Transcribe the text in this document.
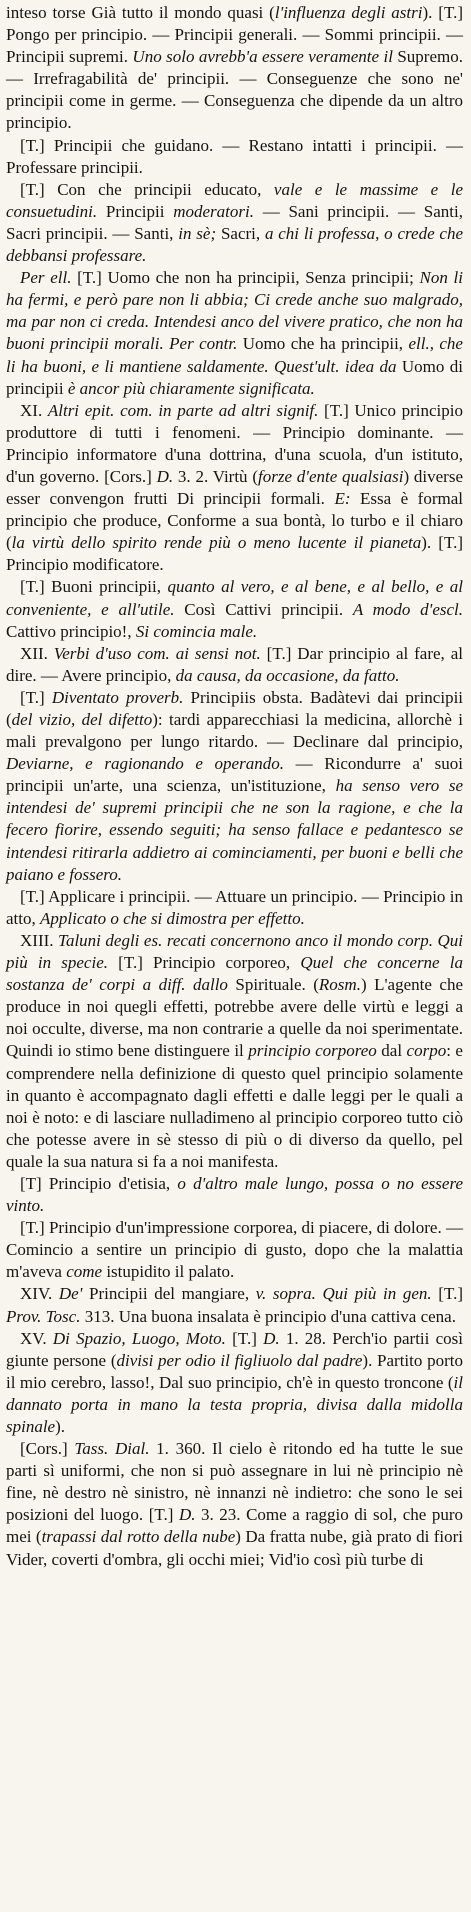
inteso torse Già tutto il mondo quasi (l'influenza degli astri). [T.] Pongo per principio. — Principii generali. — Sommi principii. — Principii supremi. Uno solo avrebb'a essere veramente il Supremo. — Irrefragabilità de' principii. — Conseguenze che sono ne' principii come in germe. — Conseguenza che dipende da un altro principio.

[T.] Principii che guidano. — Restano intatti i principii. — Professare principii.

[T.] Con che principii educato, vale e le massime e le consuetudini. Principii moderatori. — Sani principii. — Santi, Sacri principii. — Santi, in sè; Sacri, a chi li professa, o crede che debbansi professare.

Per ell. [T.] Uomo che non ha principii, Senza principii; Non li ha fermi, e però pare non li abbia; Ci crede anche suo malgrado, ma par non ci creda. Intendesi anco del vivere pratico, che non ha buoni principii morali. Per contr. Uomo che ha principii, ell., che li ha buoni, e li mantiene saldamente. Quest'ult. idea da Uomo di principii è ancor più chiaramente significata.

XI. Altri epit. com. in parte ad altri signif. [T.] Unico principio produttore di tutti i fenomeni. — Principio dominante. — Principio informatore d'una dottrina, d'una scuola, d'un istituto, d'un governo. [Cors.] D. 3. 2. Virtù (forze d'ente qualsiasi) diverse esser convengon frutti Di principii formali. E: Essa è formal principio che produce, Conforme a sua bontà, lo turbo e il chiaro (la virtù dello spirito rende più o meno lucente il pianeta). [T.] Principio modificatore.

[T.] Buoni principii, quanto al vero, e al bene, e al bello, e al conveniente, e all'utile. Così Cattivi principii. A modo d'escl. Cattivo principio!, Si comincia male.

XII. Verbi d'uso com. ai sensi not. [T.] Dar principio al fare, al dire. — Avere principio, da causa, da occasione, da fatto.

[T.] Diventato proverb. Principiis obsta. Badàtevi dai principii (del vizio, del difetto): tardi apparecchiasi la medicina, allorchè i mali prevalgono per lungo ritardo. — Declinare dal principio, Deviarne, e ragionando e operando. — Ricondurre a' suoi principii un'arte, una scienza, un'istituzione, ha senso vero se intendesi de' supremi principii che ne son la ragione, e che la fecero fiorire, essendo seguiti; ha senso fallace e pedantesco se intendesi ritirarla addietro ai cominciamenti, per buoni e belli che paiano e fossero.

[T.] Applicare i principii. — Attuare un principio. — Principio in atto, Applicato o che si dimostra per effetto.

XIII. Taluni degli es. recati concernono anco il mondo corp. Qui più in specie. [T.] Principio corporeo, Quel che concerne la sostanza de' corpi a diff. dallo Spirituale. (Rosm.) L'agente che produce in noi quegli effetti, potrebbe avere delle virtù e leggi a noi occulte, diverse, ma non contrarie a quelle da noi sperimentate. Quindi io stimo bene distinguere il principio corporeo dal corpo: e comprendere nella definizione di questo quel principio solamente in quanto è accompagnato dagli effetti e dalle leggi per le quali a noi è noto: e di lasciare nulladimeno al principio corporeo tutto ciò che potesse avere in sè stesso di più o di diverso da quello, pel quale la sua natura si fa a noi manifesta.

[T] Principio d'etisia, o d'altro male lungo, possa o no essere vinto.

[T.] Principio d'un'impressione corporea, di piacere, di dolore. — Comincio a sentire un principio di gusto, dopo che la malattia m'aveva come istupidito il palato.

XIV. De' Principii del mangiare, v. sopra. Qui più in gen. [T.] Prov. Tosc. 313. Una buona insalata è principio d'una cattiva cena.

XV. Di Spazio, Luogo, Moto. [T.] D. 1. 28. Perch'io partii così giunte persone (divisi per odio il figliuolo dal padre). Partito porto il mio cerebro, lasso!, Dal suo principio, ch'è in questo troncone (il dannato porta in mano la testa propria, divisa dalla midolla spinale).

[Cors.] Tass. Dial. 1. 360. Il cielo è ritondo ed ha tutte le sue parti sì uniformi, che non si può assegnare in lui nè principio nè fine, nè destro nè sinistro, nè innanzi nè indietro: che sono le sei posizioni del luogo. [T.] D. 3. 23. Come a raggio di sol, che puro mei (trapassi dal rotto della nube) Da fratta nube, già prato di fiori Vider, coverti d'ombra, gli occhi miei; Vid'io così più turbe di
